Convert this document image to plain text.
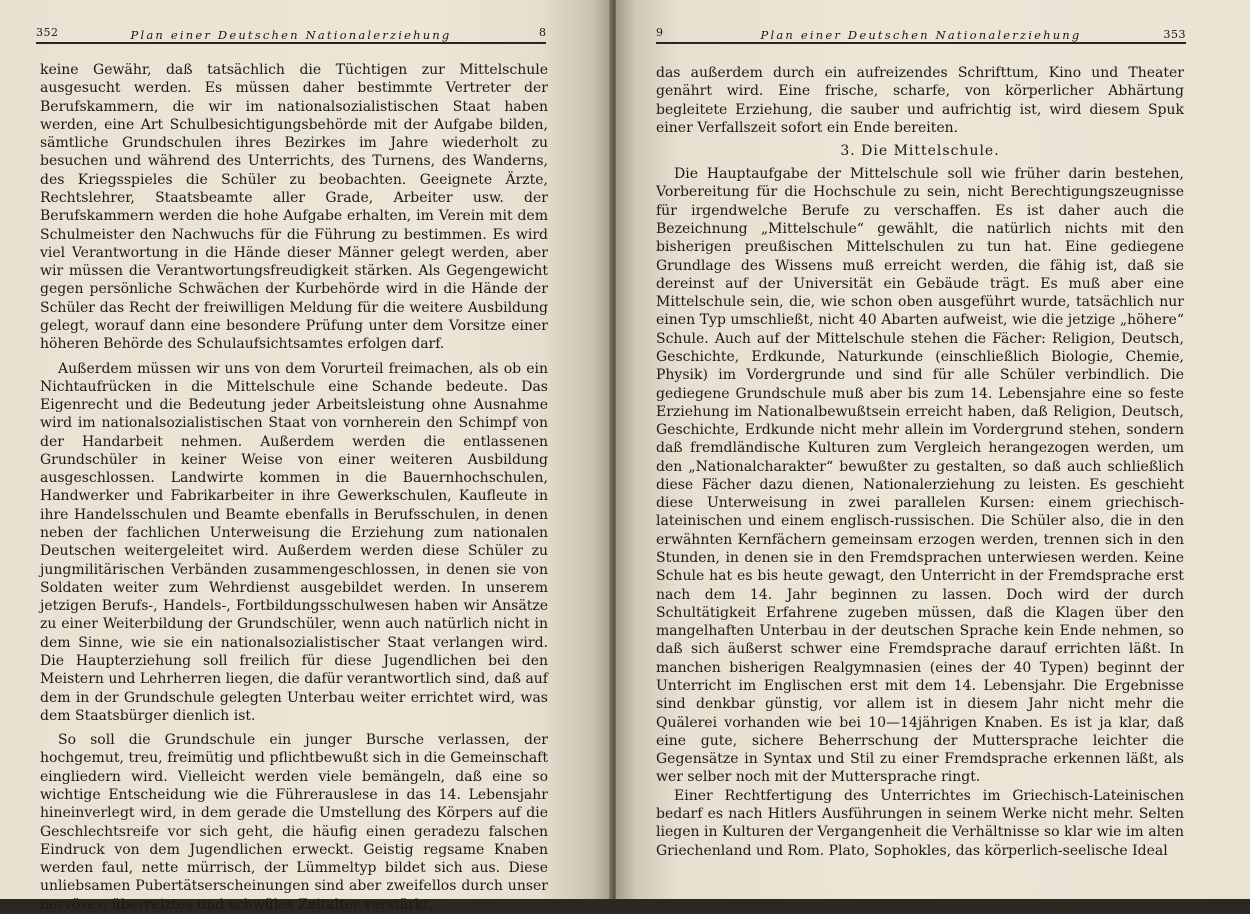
352	Plan einer Deutschen Nationalerziehung	8

keine Gewähr, daß tatsächlich die Tüchtigen zur Mittelschule ausgesucht werden. Es müssen daher bestimmte Vertreter der Berufskammern, die wir im nationalsozialistischen Staat haben werden, eine Art Schulbesichtigungsbehörde mit der Aufgabe bilden, sämtliche Grundschulen ihres Bezirkes im Jahre wiederholt zu besuchen und während des Unterrichts, des Turnens, des Wanderns, des Kriegsspieles die Schüler zu beobachten. Geeignete Ärzte, Rechtslehrer, Staatsbeamte aller Grade, Arbeiter usw. der Berufskammern werden die hohe Aufgabe erhalten, im Verein mit dem Schulmeister den Nachwuchs für die Führung zu bestimmen. Es wird viel Verantwortung in die Hände dieser Männer gelegt werden, aber wir müssen die Verantwortungsfreudigkeit stärken. Als Gegengewicht gegen persönliche Schwächen der Kurbehörde wird in die Hände der Schüler das Recht der freiwilligen Meldung für die weitere Ausbildung gelegt, worauf dann eine besondere Prüfung unter dem Vorsitze einer höheren Behörde des Schulaufsichtsamtes erfolgen darf.

Außerdem müssen wir uns von dem Vorurteil freimachen, als ob ein Nichtaufrücken in die Mittelschule eine Schande bedeute. Das Eigenrecht und die Bedeutung jeder Arbeitsleistung ohne Ausnahme wird im nationalsozialistischen Staat von vornherein den Schimpf von der Handarbeit nehmen. Außerdem werden die entlassenen Grundschüler in keiner Weise von einer weiteren Ausbildung ausgeschlossen. Landwirte kommen in die Bauernhochschulen, Handwerker und Fabrikarbeiter in ihre Gewerkschulen, Kaufleute in ihre Handelsschulen und Beamte ebenfalls in Berufsschulen, in denen neben der fachlichen Unterweisung die Erziehung zum nationalen Deutschen weitergeleitet wird. Außerdem werden diese Schüler zu jungmilitärischen Verbänden zusammengeschlossen, in denen sie von Soldaten weiter zum Wehrdienst ausgebildet werden. In unserem jetzigen Berufs-, Handels-, Fortbildungsschulwesen haben wir Ansätze zu einer Weiterbildung der Grundschüler, wenn auch natürlich nicht in dem Sinne, wie sie ein nationalsozialistischer Staat verlangen wird. Die Haupterziehung soll freilich für diese Jugendlichen bei den Meistern und Lehrherren liegen, die dafür verantwortlich sind, daß auf dem in der Grundschule gelegten Unterbau weiter errichtet wird, was dem Staatsbürger dienlich ist.

So soll die Grundschule ein junger Bursche verlassen, der hochgemut, treu, freimütig und pflichtbewußt sich in die Gemeinschaft eingliedern wird. Vielleicht werden viele bemängeln, daß eine so wichtige Entscheidung wie die Führerauslese in das 14. Lebensjahr hineinverlegt wird, in dem gerade die Umstellung des Körpers auf die Geschlechtsreife vor sich geht, die häufig einen geradezu falschen Eindruck von dem Jugendlichen erweckt. Geistig regsame Knaben werden faul, nette mürrisch, der Lümmeltyp bildet sich aus. Diese unliebsamen Pubertätserscheinungen sind aber zweifellos durch unser nervöses, überreiztes und schwüles Zeitalter verstärkt,

9	Plan einer Deutschen Nationalerziehung	353

das außerdem durch ein aufreizendes Schrifttum, Kino und Theater genährt wird. Eine frische, scharfe, von körperlicher Abhärtung begleitete Erziehung, die sauber und aufrichtig ist, wird diesem Spuk einer Verfallszeit sofort ein Ende bereiten.

3. Die Mittelschule.

Die Hauptaufgabe der Mittelschule soll wie früher darin bestehen, Vorbereitung für die Hochschule zu sein, nicht Berechtigungszeugnisse für irgendwelche Berufe zu verschaffen. Es ist daher auch die Bezeichnung „Mittelschule“ gewählt, die natürlich nichts mit den bisherigen preußischen Mittelschulen zu tun hat. Eine gediegene Grundlage des Wissens muß erreicht werden, die fähig ist, daß sie dereinst auf der Universität ein Gebäude trägt. Es muß aber eine Mittelschule sein, die, wie schon oben ausgeführt wurde, tatsächlich nur einen Typ umschließt, nicht 40 Abarten aufweist, wie die jetzige „höhere“ Schule. Auch auf der Mittelschule stehen die Fächer: Religion, Deutsch, Geschichte, Erdkunde, Naturkunde (einschließlich Biologie, Chemie, Physik) im Vordergrunde und sind für alle Schüler verbindlich. Die gediegene Grundschule muß aber bis zum 14. Lebensjahre eine so feste Erziehung im Nationalbewußtsein erreicht haben, daß Religion, Deutsch, Geschichte, Erdkunde nicht mehr allein im Vordergrund stehen, sondern daß fremdländische Kulturen zum Vergleich herangezogen werden, um den „Nationalcharakter“ bewußter zu gestalten, so daß auch schließlich diese Fächer dazu dienen, Nationalerziehung zu leisten. Es geschieht diese Unterweisung in zwei parallelen Kursen: einem griechisch-lateinischen und einem englisch-russischen. Die Schüler also, die in den erwähnten Kernfächern gemeinsam erzogen werden, trennen sich in den Stunden, in denen sie in den Fremdsprachen unterwiesen werden. Keine Schule hat es bis heute gewagt, den Unterricht in der Fremdsprache erst nach dem 14. Jahr beginnen zu lassen. Doch wird der durch Schultätigkeit Erfahrene zugeben müssen, daß die Klagen über den mangelhaften Unterbau in der deutschen Sprache kein Ende nehmen, so daß sich äußerst schwer eine Fremdsprache darauf errichten läßt. In manchen bisherigen Realgymnasien (eines der 40 Typen) beginnt der Unterricht im Englischen erst mit dem 14. Lebensjahr. Die Ergebnisse sind denkbar günstig, vor allem ist in diesem Jahr nicht mehr die Quälerei vorhanden wie bei 10—14jährigen Knaben. Es ist ja klar, daß eine gute, sichere Beherrschung der Muttersprache leichter die Gegensätze in Syntax und Stil zu einer Fremdsprache erkennen läßt, als wer selber noch mit der Muttersprache ringt.

Einer Rechtfertigung des Unterrichtes im Griechisch-Lateinischen bedarf es nach Hitlers Ausführungen in seinem Werke nicht mehr. Selten liegen in Kulturen der Vergangenheit die Verhältnisse so klar wie im alten Griechenland und Rom. Plato, Sophokles, das körperlich-seelische Ideal
